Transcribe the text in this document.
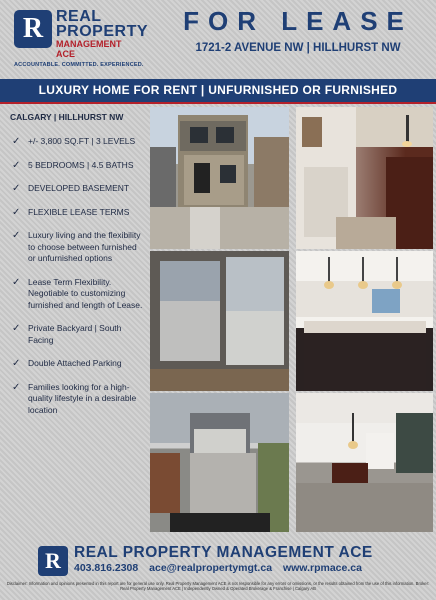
R REAL
PROPERTY
MANAGEMENT
ACE
ACCOUNTABLE. COMMITTED. EXPERIENCED.
FOR LEASE
1721-2 AVENUE NW | HILLHURST NW
LUXURY HOME FOR RENT | UNFURNISHED OR FURNISHED
CALGARY | HILLHURST NW
✓ +/- 3,800 SQ.FT | 3 LEVELS
✓ 5 BEDROOMS | 4.5 BATHS
✓ DEVELOPED BASEMENT
✓ FLEXIBLE LEASE TERMS
✓ Luxury living and the flexibility to choose between furnished or unfurnished options
✓ Lease Term Flexibility. Negotiable to customizing furnished and length of Lease.
✓ Private Backyard | South Facing
✓ Double Attached Parking
✓ Families looking for a high-quality lifestyle in a desirable location
R REAL PROPERTY MANAGEMENT ACE
403.816.2308 ace@realpropertymgt.ca www.rpmace.ca
Disclaimer: Information and opinions presented in this report are for general use only. Real Property Management ACE is not responsible for any errors or omissions, or the results obtained from the use of this information. Broker: Real Property Management ACE | Independently Owned & Operated Brokerage & Franchise | Calgary AB
